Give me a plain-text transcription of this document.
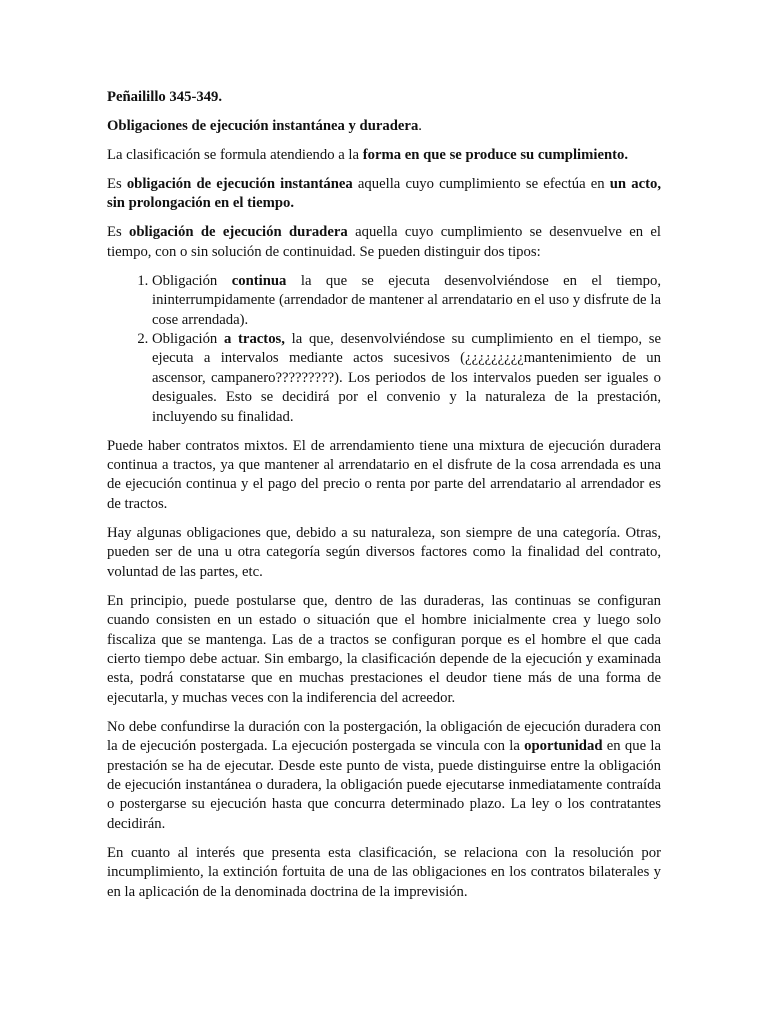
Peñailillo 345-349.

Obligaciones de ejecución instantánea y duradera.

La clasificación se formula atendiendo a la forma en que se produce su cumplimiento.

Es obligación de ejecución instantánea aquella cuyo cumplimiento se efectúa en un acto, sin prolongación en el tiempo.

Es obligación de ejecución duradera aquella cuyo cumplimiento se desenvuelve en el tiempo, con o sin solución de continuidad. Se pueden distinguir dos tipos:

1. Obligación continua la que se ejecuta desenvolviéndose en el tiempo, ininterrumpidamente (arrendador de mantener al arrendatario en el uso y disfrute de la cose arrendada).
2. Obligación a tractos, la que, desenvolviéndose su cumplimiento en el tiempo, se ejecuta a intervalos mediante actos sucesivos (¿¿¿¿¿¿¿¿¿mantenimiento de un ascensor, campanero?????????). Los periodos de los intervalos pueden ser iguales o desiguales. Esto se decidirá por el convenio y la naturaleza de la prestación, incluyendo su finalidad.

Puede haber contratos mixtos. El de arrendamiento tiene una mixtura de ejecución duradera continua a tractos, ya que mantener al arrendatario en el disfrute de la cosa arrendada es una de ejecución continua y el pago del precio o renta por parte del arrendatario al arrendador es de tractos.

Hay algunas obligaciones que, debido a su naturaleza, son siempre de una categoría. Otras, pueden ser de una u otra categoría según diversos factores como la finalidad del contrato, voluntad de las partes, etc.

En principio, puede postularse que, dentro de las duraderas, las continuas se configuran cuando consisten en un estado o situación que el hombre inicialmente crea y luego solo fiscaliza que se mantenga. Las de a tractos se configuran porque es el hombre el que cada cierto tiempo debe actuar. Sin embargo, la clasificación depende de la ejecución y examinada esta, podrá constatarse que en muchas prestaciones el deudor tiene más de una forma de ejecutarla, y muchas veces con la indiferencia del acreedor.

No debe confundirse la duración con la postergación, la obligación de ejecución duradera con la de ejecución postergada. La ejecución postergada se vincula con la oportunidad en que la prestación se ha de ejecutar. Desde este punto de vista, puede distinguirse entre la obligación de ejecución instantánea o duradera, la obligación puede ejecutarse inmediatamente contraída o postergarse su ejecución hasta que concurra determinado plazo. La ley o los contratantes decidirán.

En cuanto al interés que presenta esta clasificación, se relaciona con la resolución por incumplimiento, la extinción fortuita de una de las obligaciones en los contratos bilaterales y en la aplicación de la denominada doctrina de la imprevisión.
